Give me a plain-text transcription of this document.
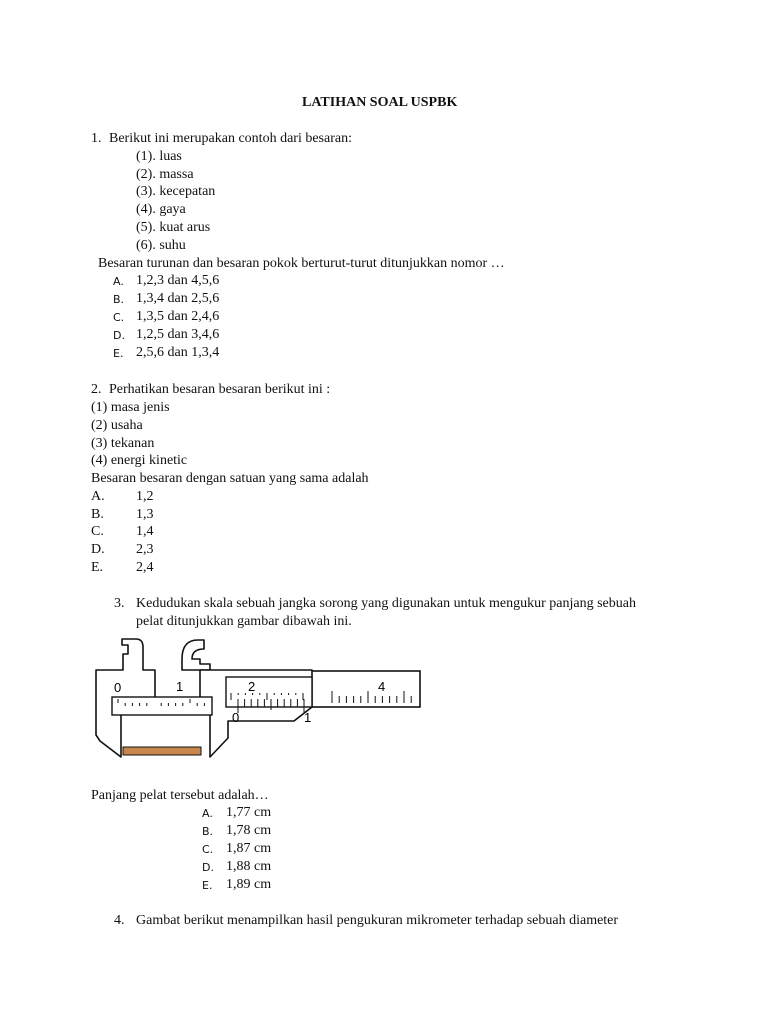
LATIHAN SOAL USPBK
1. Berikut ini merupakan contoh dari besaran:
(1). luas
(2). massa
(3). kecepatan
(4). gaya
(5). kuat arus
(6). suhu
Besaran turunan dan besaran pokok berturut-turut ditunjukkan nomor …
A. 1,2,3 dan 4,5,6
B. 1,3,4 dan 2,5,6
C. 1,3,5 dan 2,4,6
D. 1,2,5 dan 3,4,6
E. 2,5,6 dan 1,3,4
2. Perhatikan besaran besaran berikut ini :
(1) masa jenis
(2) usaha
(3) tekanan
(4) energi kinetic
Besaran besaran dengan satuan yang sama adalah
A. 1,2
B. 1,3
C. 1,4
D. 2,3
E. 2,4
3. Kedudukan skala sebuah jangka sorong yang digunakan untuk mengukur panjang sebuah
pelat ditunjukkan gambar dibawah ini.
0	1	2	4
0	1
Panjang pelat tersebut adalah…
A. 1,77 cm
B. 1,78 cm
C. 1,87 cm
D. 1,88 cm
E. 1,89 cm
4. Gambat berikut menampilkan hasil pengukuran mikrometer terhadap sebuah diameter
